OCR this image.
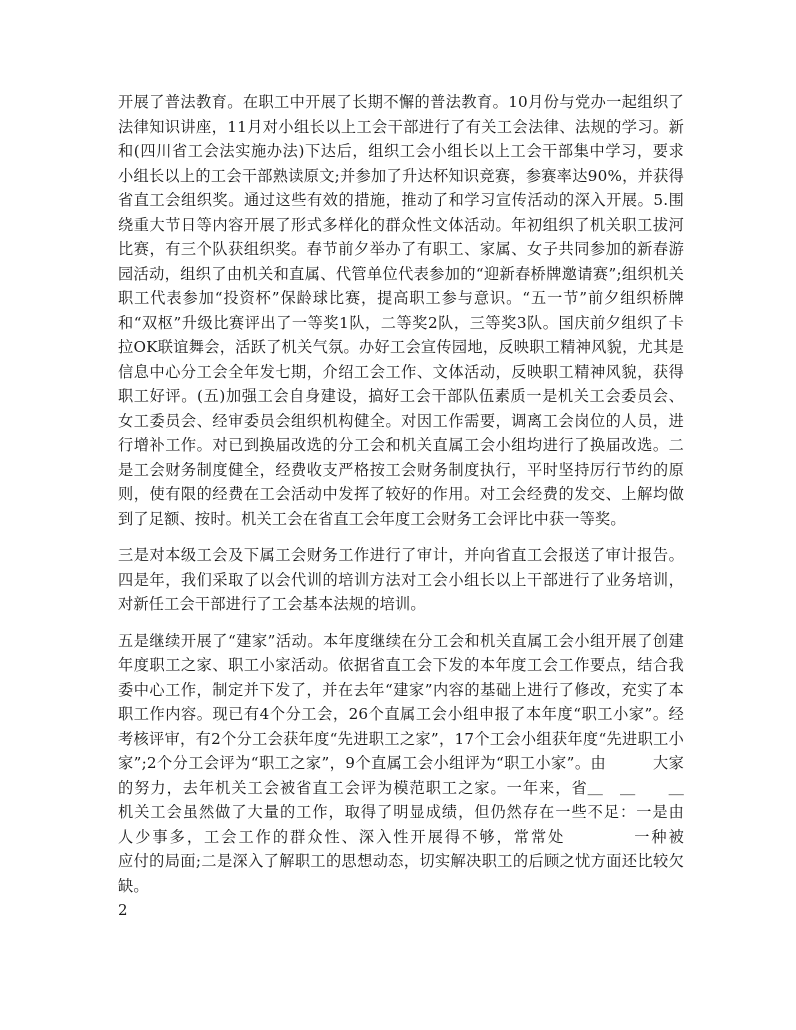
开展了普法教育。在职工中开展了长期不懈的普法教育。10月份与党办一起组织了法律知识讲座，11月对小组长以上工会干部进行了有关工会法律、法规的学习。新和(四川省工会法实施办法)下达后，组织工会小组长以上工会干部集中学习，要求小组长以上的工会干部熟读原文;并参加了升达杯知识竞赛，参赛率达90%，并获得省直工会组织奖。通过这些有效的措施，推动了和学习宣传活动的深入开展。5.围绕重大节日等内容开展了形式多样化的群众性文体活动。年初组织了机关职工拔河比赛，有三个队获组织奖。春节前夕举办了有职工、家属、女子共同参加的新春游园活动，组织了由机关和直属、代管单位代表参加的“迎新春桥牌邀请赛”;组织机关职工代表参加“投资杯”保龄球比赛，提高职工参与意识。“五一节”前夕组织桥牌和“双枢”升级比赛评出了一等奖1队，二等奖2队，三等奖3队。国庆前夕组织了卡拉OK联谊舞会，活跃了机关气氛。办好工会宣传园地，反映职工精神风貌，尤其是信息中心分工会全年发七期，介绍工会工作、文体活动，反映职工精神风貌，获得职工好评。(五)加强工会自身建设，搞好工会干部队伍素质一是机关工会委员会、女工委员会、经审委员会组织机构健全。对因工作需要，调离工会岗位的人员，进行增补工作。对已到换届改选的分工会和机关直属工会小组均进行了换届改选。二是工会财务制度健全，经费收支严格按工会财务制度执行，平时坚持厉行节约的原则，使有限的经费在工会活动中发挥了较好的作用。对工会经费的发交、上解均做到了足额、按时。机关工会在省直工会年度工会财务工会评比中获一等奖。

三是对本级工会及下属工会财务工作进行了审计，并向省直工会报送了审计报告。四是年，我们采取了以会代训的培训方法对工会小组长以上干部进行了业务培训，对新任工会干部进行了工会基本法规的培训。

五是继续开展了“建家”活动。本年度继续在分工会和机关直属工会小组开展了创建年度职工之家、职工小家活动。依据省直工会下发的本年度工会工作要点，结合我委中心工作，制定并下发了，并在去年“建家”内容的基础上进行了修改，充实了本职工作内容。现已有4个分工会，26个直属工会小组申报了本年度“职工小家”。经考核评审，有2个分工会获年度“先进职工之家”，17个工会小组获年度“先进职工小家”;2个分工会评为“职工之家”，9个直属工会小组评为“职工小家”。由　　　大家的努力，去年机关工会被省直工会评为模范职工之家。一年来，省＿　＿　　＿　　机关工会虽然做了大量的工作，取得了明显成绩，但仍然存在一些不足：一是由　　　　人少事多，工会工作的群众性、深入性开展得不够，常常处　　　　一种被　　　　应付的局面;二是深入了解职工的思想动态，切实解决职工的后顾之忧方面还比较欠缺。

2
